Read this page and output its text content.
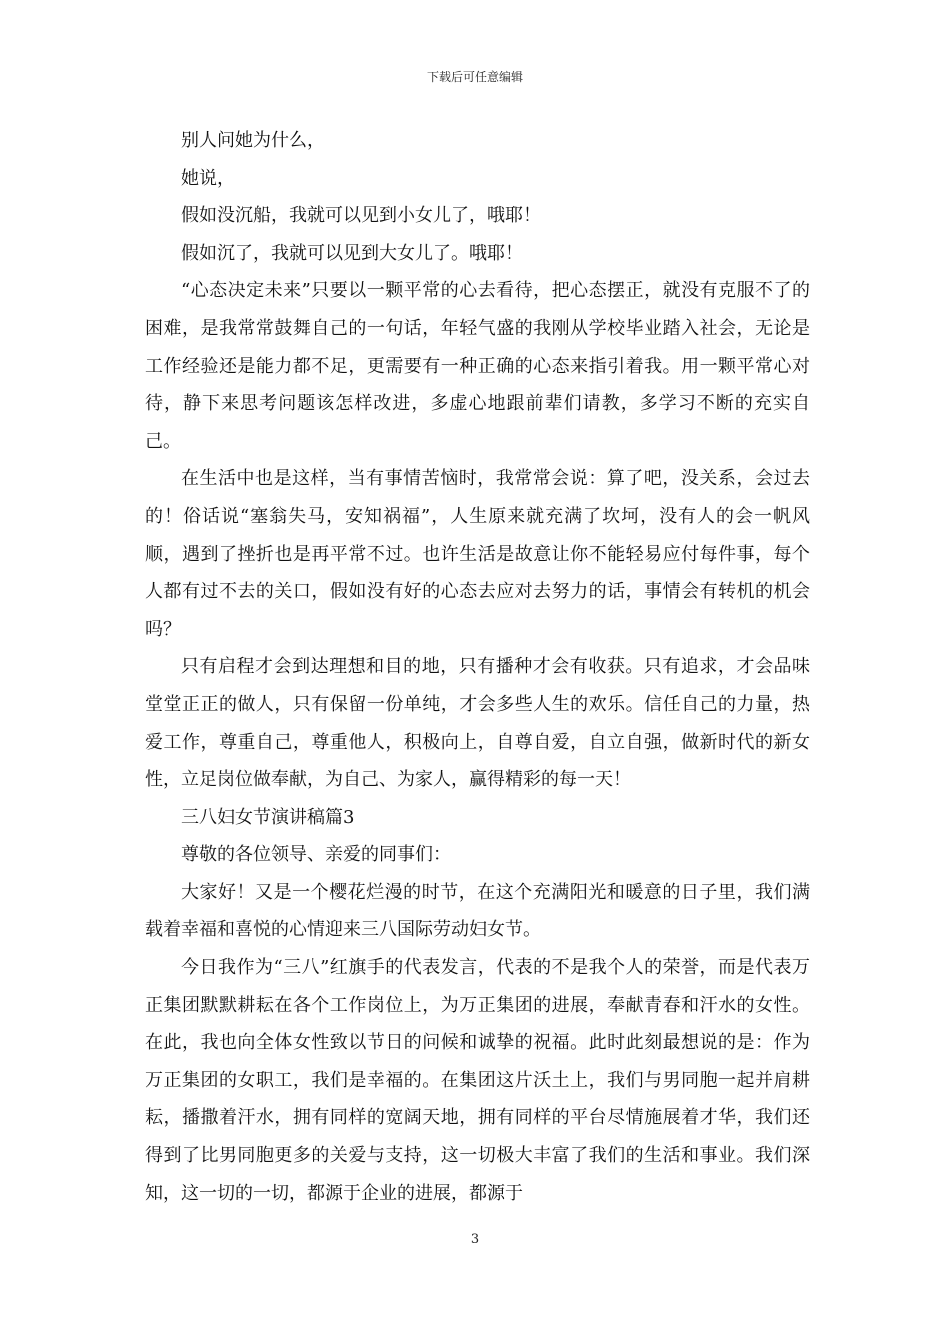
下载后可任意编辑

别人问她为什么，

她说，

假如没沉船，我就可以见到小女儿了，哦耶！

假如沉了，我就可以见到大女儿了。哦耶！

“心态决定未来”只要以一颗平常的心去看待，把心态摆正，就没有克服不了的困难，是我常常鼓舞自己的一句话，年轻气盛的我刚从学校毕业踏入社会，无论是工作经验还是能力都不足，更需要有一种正确的心态来指引着我。用一颗平常心对待，静下来思考问题该怎样改进，多虚心地跟前辈们请教，多学习不断的充实自己。

在生活中也是这样，当有事情苦恼时，我常常会说：算了吧，没关系，会过去的！俗话说“塞翁失马，安知祸福”，人生原来就充满了坎坷，没有人的会一帆风顺，遇到了挫折也是再平常不过。也许生活是故意让你不能轻易应付每件事，每个人都有过不去的关口，假如没有好的心态去应对去努力的话，事情会有转机的机会吗？

只有启程才会到达理想和目的地，只有播种才会有收获。只有追求，才会品味堂堂正正的做人，只有保留一份单纯，才会多些人生的欢乐。信任自己的力量，热爱工作，尊重自己，尊重他人，积极向上，自尊自爱，自立自强，做新时代的新女性，立足岗位做奉献，为自己、为家人，赢得精彩的每一天！

三八妇女节演讲稿篇3

尊敬的各位领导、亲爱的同事们：

大家好！又是一个樱花烂漫的时节，在这个充满阳光和暖意的日子里，我们满载着幸福和喜悦的心情迎来三八国际劳动妇女节。

今日我作为“三八”红旗手的代表发言，代表的不是我个人的荣誉，而是代表万正集团默默耕耘在各个工作岗位上，为万正集团的进展，奉献青春和汗水的女性。在此，我也向全体女性致以节日的问候和诚挚的祝福。此时此刻最想说的是：作为万正集团的女职工，我们是幸福的。在集团这片沃土上，我们与男同胞一起并肩耕耘，播撒着汗水，拥有同样的宽阔天地，拥有同样的平台尽情施展着才华，我们还得到了比男同胞更多的关爱与支持，这一切极大丰富了我们的生活和事业。我们深知，这一切的一切，都源于企业的进展，都源于

3
